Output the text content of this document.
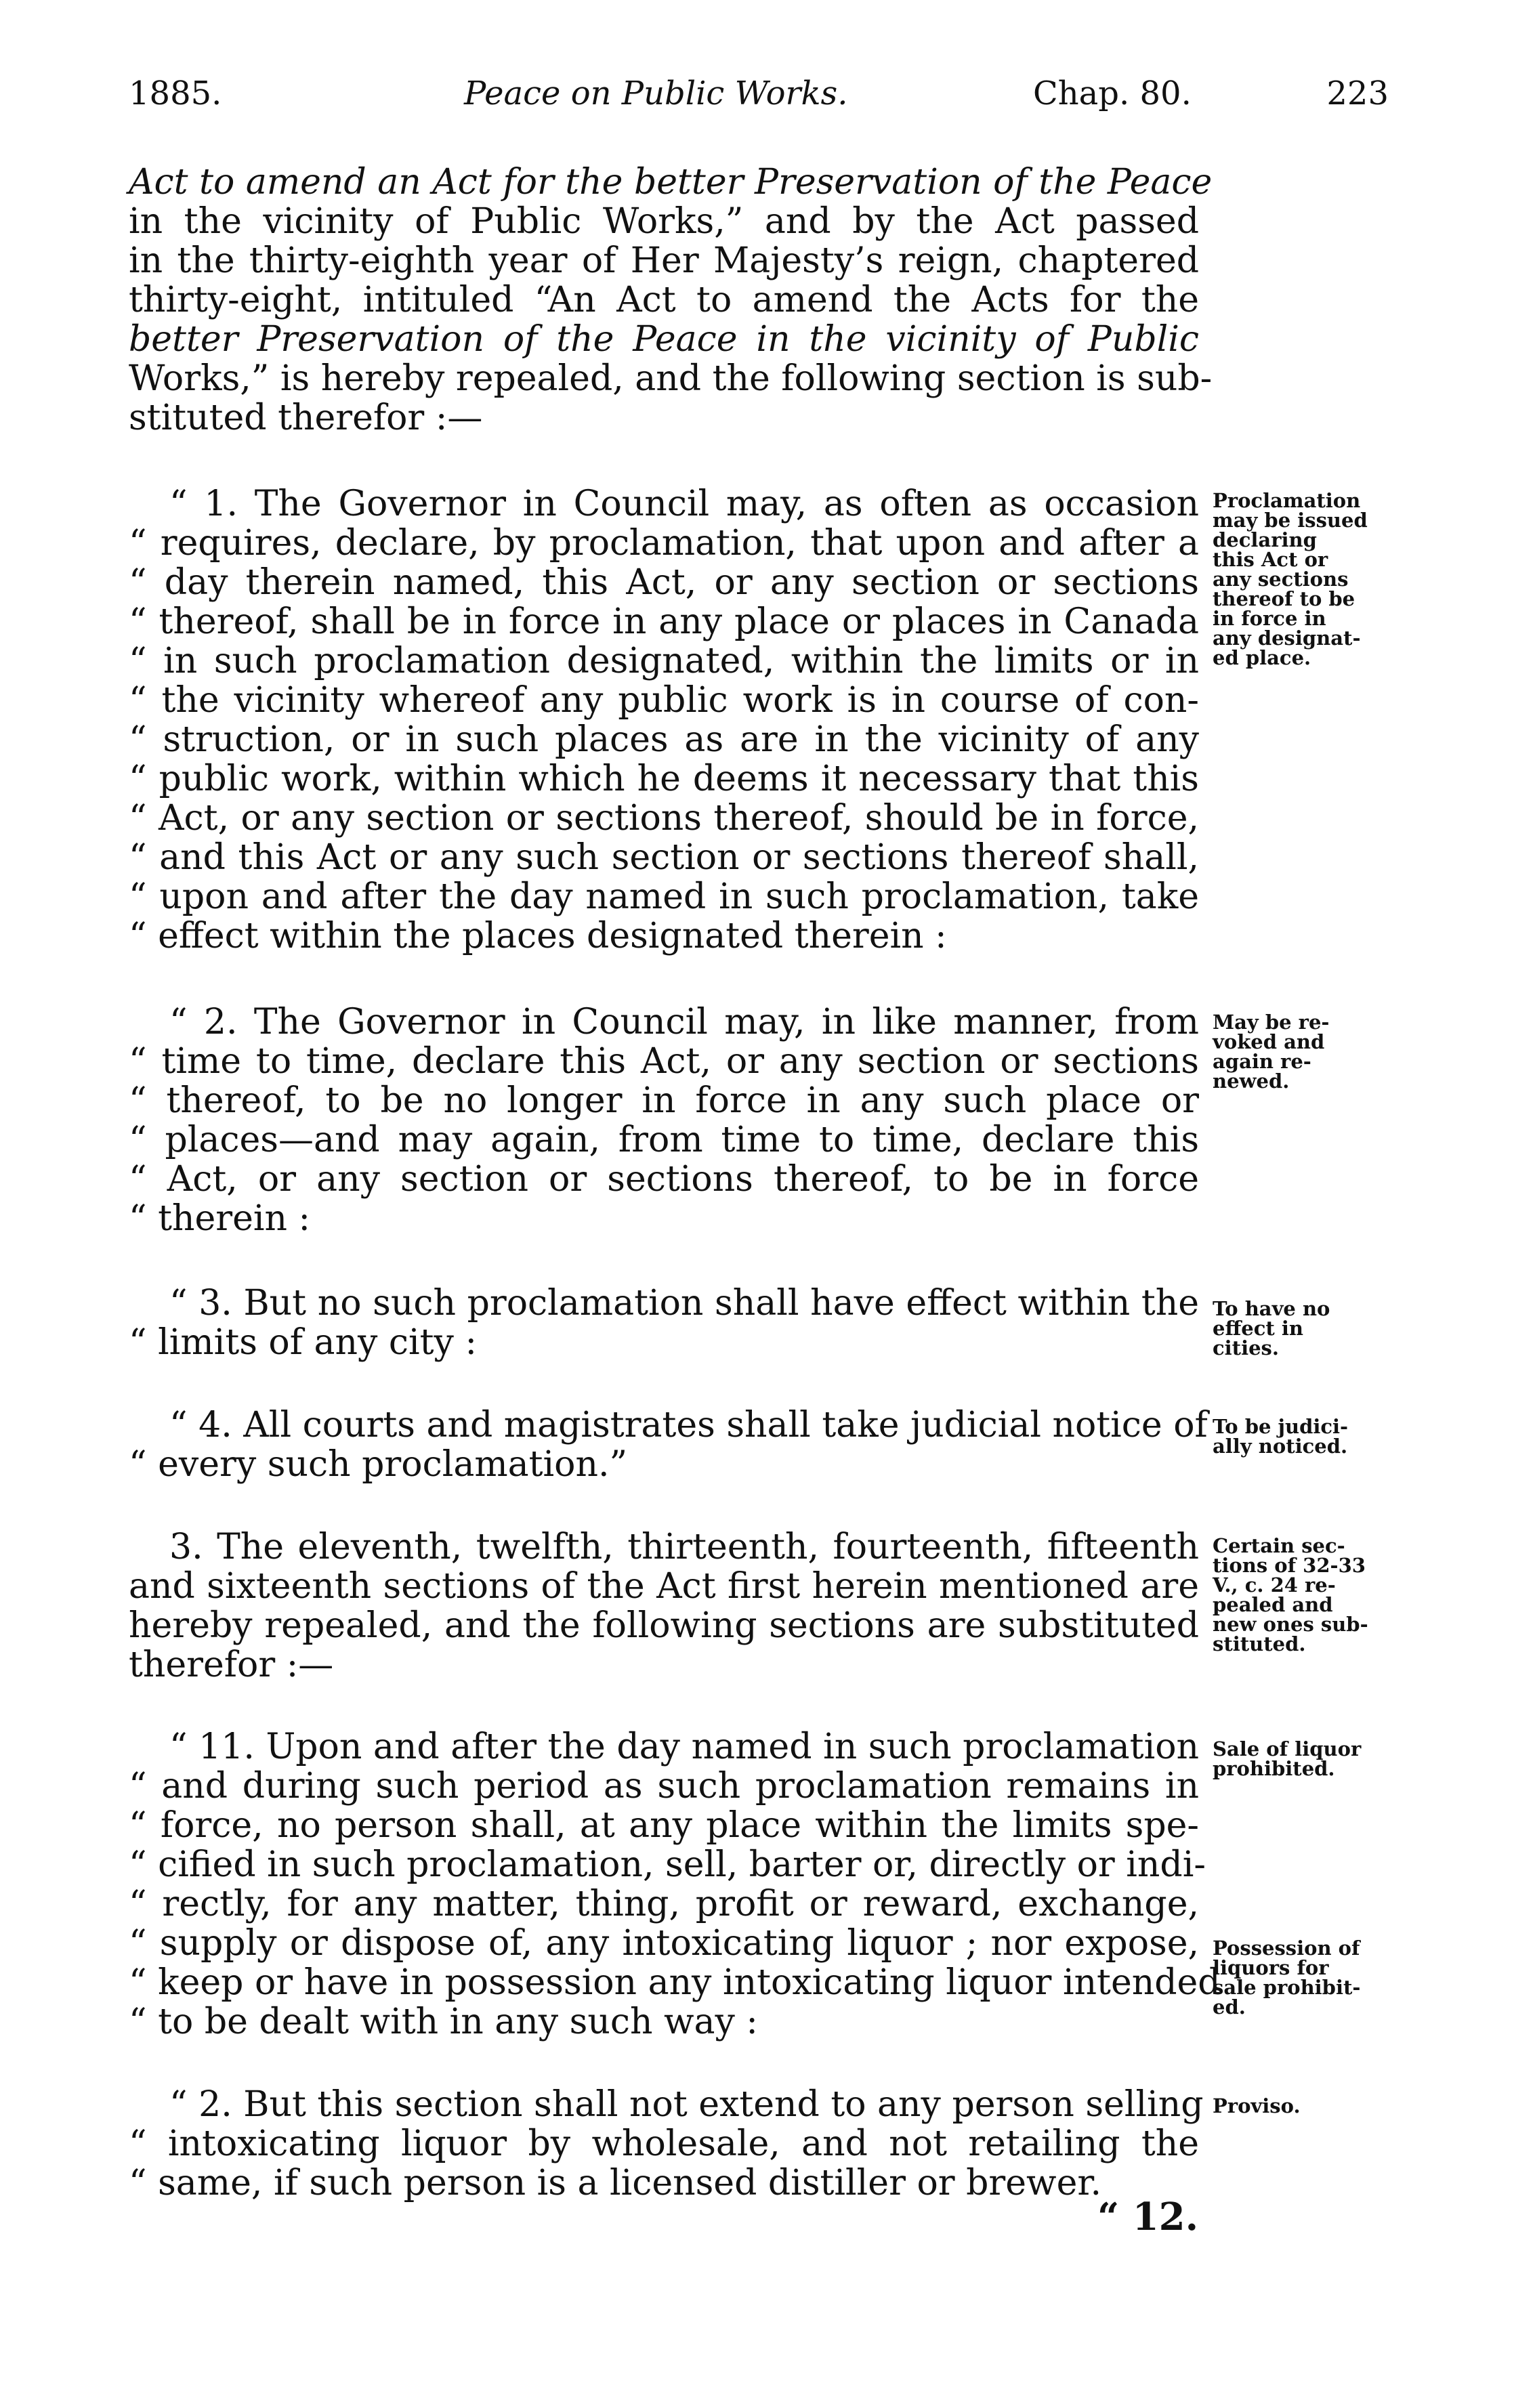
1885.	Peace on Public Works.	Chap. 80.	223

Act to amend an Act for the better Preservation of the Peace

in the vicinity of Public Works,” and by the Act passed

in the thirty-eighth year of Her Majesty’s reign, chaptered

thirty-eight, intituled “An Act to amend the Acts for the

better Preservation of the Peace in the vicinity of Public

Works,” is hereby repealed, and the following section is sub-

stituted therefor :—

“ 1. The Governor in Council may, as often as occasion

“ requires, declare, by proclamation, that upon and after a

“ day therein named, this Act, or any section or sections

“ thereof, shall be in force in any place or places in Canada

“ in such proclamation designated, within the limits or in

“ the vicinity whereof any public work is in course of con-

“ struction, or in such places as are in the vicinity of any

“ public work, within which he deems it necessary that this

“ Act, or any section or sections thereof, should be in force,

“ and this Act or any such section or sections thereof shall,

“ upon and after the day named in such proclamation, take

“ effect within the places designated therein :

Proclamation

may be issued

declaring

this Act or

any sections

thereof to be

in force in

any designat-

ed place.

“ 2. The Governor in Council may, in like manner, from

“ time to time, declare this Act, or any section or sections

“ thereof, to be no longer in force in any such place or

“ places—and may again, from time to time, declare this

“ Act, or any section or sections thereof, to be in force

“ therein :

May be re-

voked and

again re-

newed.

“ 3. But no such proclamation shall have effect within the

“ limits of any city :

To have no

effect in

cities.

“ 4. All courts and magistrates shall take judicial notice of

“ every such proclamation.”

To be judici-

ally noticed.

3. The eleventh, twelfth, thirteenth, fourteenth, fifteenth

and sixteenth sections of the Act first herein mentioned are

hereby repealed, and the following sections are substituted

therefor :—

Certain sec-

tions of 32-33

V., c. 24 re-

pealed and

new ones sub-

stituted.

“ 11. Upon and after the day named in such proclamation

“ and during such period as such proclamation remains in

“ force, no person shall, at any place within the limits spe-

“ cified in such proclamation, sell, barter or, directly or indi-

“ rectly, for any matter, thing, profit or reward, exchange,

“ supply or dispose of, any intoxicating liquor ; nor expose,

“ keep or have in possession any intoxicating liquor intended

“ to be dealt with in any such way :

Sale of liquor

prohibited.

Possession of

liquors for

sale prohibit-

ed.

“ 2. But this section shall not extend to any person selling

“ intoxicating liquor by wholesale, and not retailing the

“ same, if such person is a licensed distiller or brewer.

Proviso.

“ 12.
